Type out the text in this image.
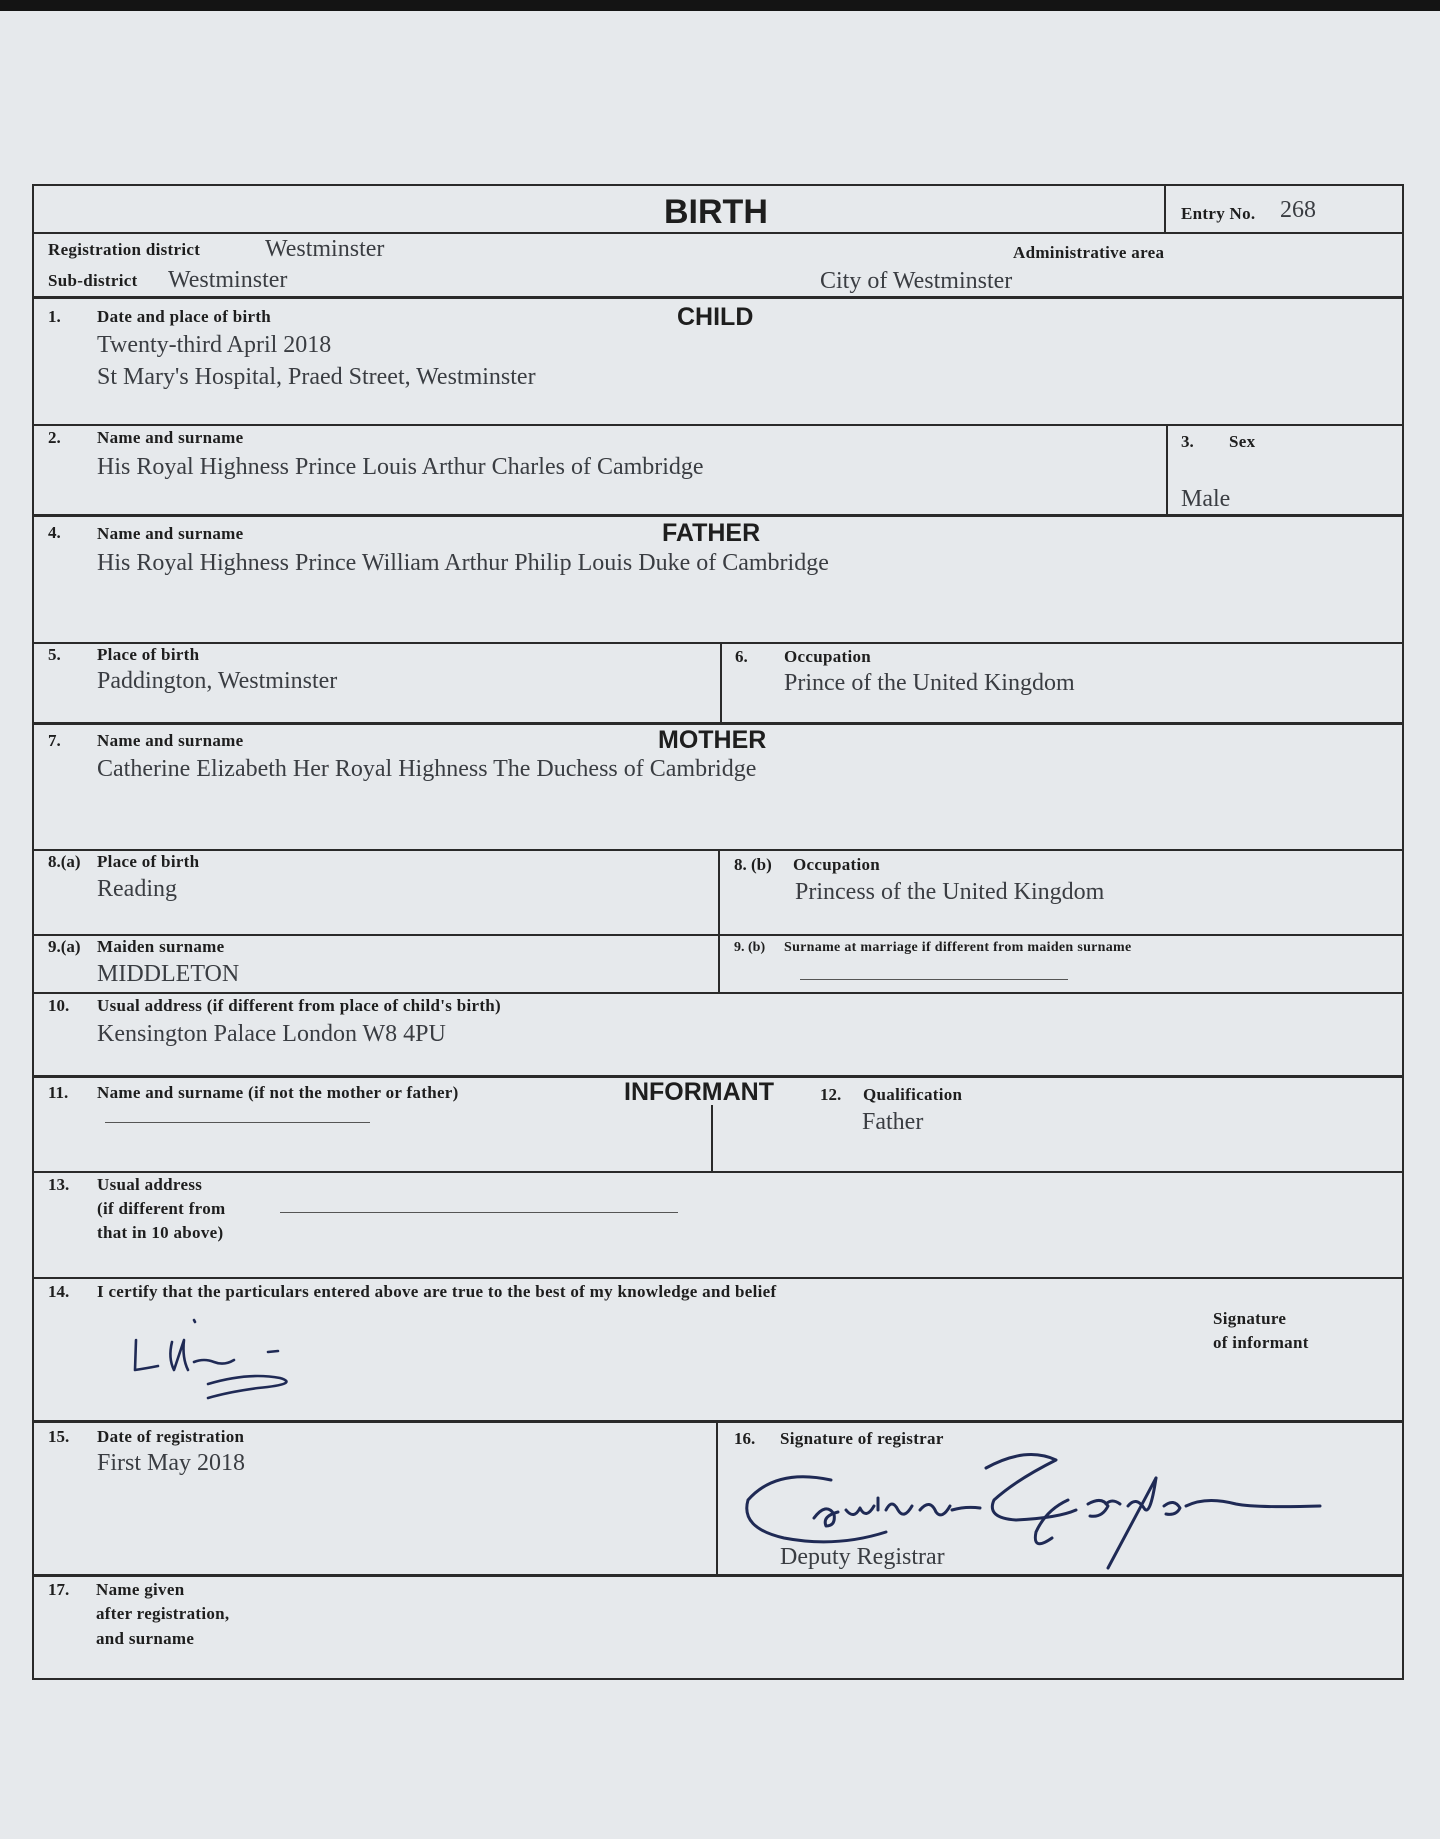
BIRTH	Entry No. 268
Registration district	Westminster
Sub-district Westminster
Administrative area
City of Westminster
1. Date and place of birth	CHILD
Twenty-third April 2018
St Mary's Hospital, Praed Street, Westminster
2. Name and surname
His Royal Highness Prince Louis Arthur Charles of Cambridge
3. Sex
Male
4. Name and surname	FATHER
His Royal Highness Prince William Arthur Philip Louis Duke of Cambridge
5. Place of birth
Paddington, Westminster
6. Occupation
Prince of the United Kingdom
7. Name and surname	MOTHER
Catherine Elizabeth Her Royal Highness The Duchess of Cambridge
8.(a) Place of birth
Reading
8. (b) Occupation
Princess of the United Kingdom
9.(a) Maiden surname
MIDDLETON
9. (b) Surname at marriage if different from maiden surname
10. Usual address (if different from place of child's birth)
Kensington Palace London W8 4PU
11. Name and surname (if not the mother or father)	INFORMANT	12. Qualification
Father
13. Usual address
(if different from
that in 10 above)
14. I certify that the particulars entered above are true to the best of my knowledge and belief
Signature
of informant
15. Date of registration
First May 2018
16. Signature of registrar
Deputy Registrar
17. Name given
after registration,
and surname
